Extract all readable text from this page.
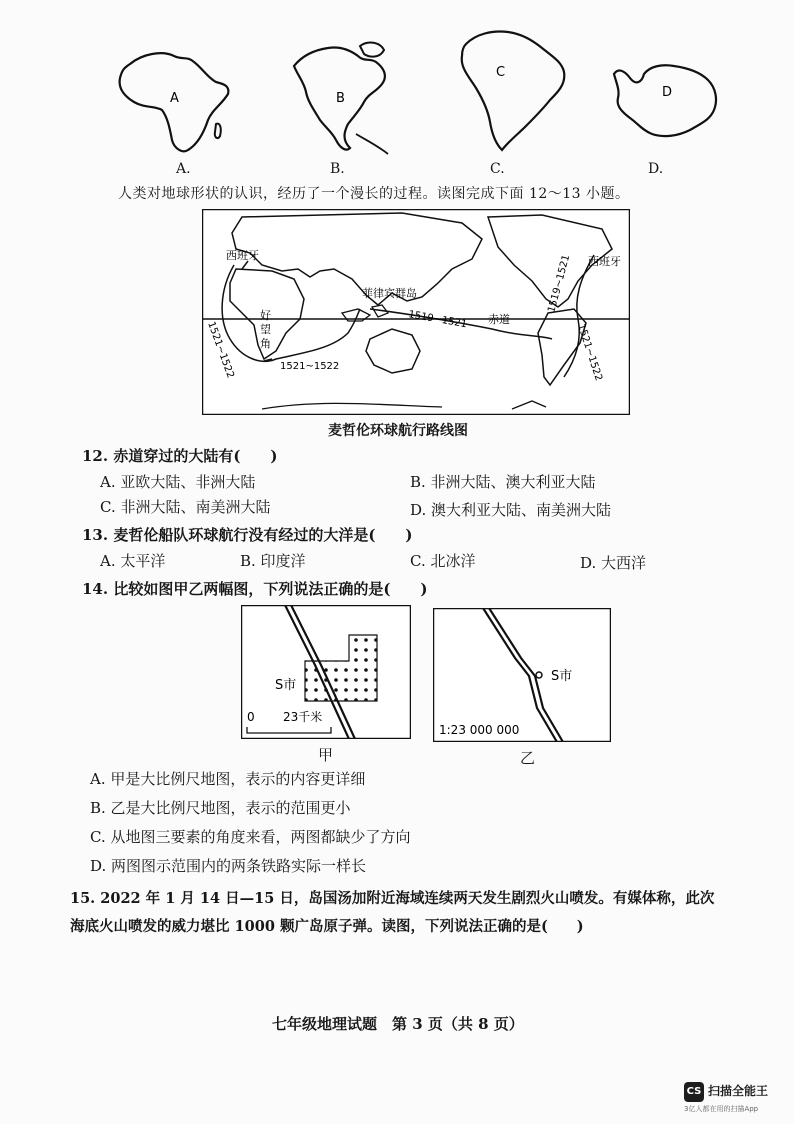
A	B
C
D
A.	B.	C.	D.
人类对地球形状的认识，经历了一个漫长的过程。读图完成下面 12～13 小题。
西班牙	西班牙
菲律宾群岛
好
望
角
赤道
1519~1521
1519~1521
1521~1522	1521~1522	1521~1522
麦哲伦环球航行路线图
12. 赤道穿过的大陆有(　　)
A. 亚欧大陆、非洲大陆	B. 非洲大陆、澳大利亚大陆
C. 非洲大陆、南美洲大陆	D. 澳大利亚大陆、南美洲大陆
13. 麦哲伦船队环球航行没有经过的大洋是(　　)
A. 太平洋	B. 印度洋	C. 北冰洋	D. 大西洋
14. 比较如图甲乙两幅图，下列说法正确的是(　　)
S市
0 23千米
甲
S市
1:23 000 000
乙
A. 甲是大比例尺地图，表示的内容更详细
B. 乙是大比例尺地图，表示的范围更小
C. 从地图三要素的角度来看，两图都缺少了方向
D. 两图图示范围内的两条铁路实际一样长
15. 2022 年 1 月 14 日—15 日，岛国汤加附近海域连续两天发生剧烈火山喷发。有媒体称，此次
海底火山喷发的威力堪比 1000 颗广岛原子弹。读图，下列说法正确的是(　　)
七年级地理试题　第 3 页（共 8 页）
CS 扫描全能王
3亿人都在用的扫描App
